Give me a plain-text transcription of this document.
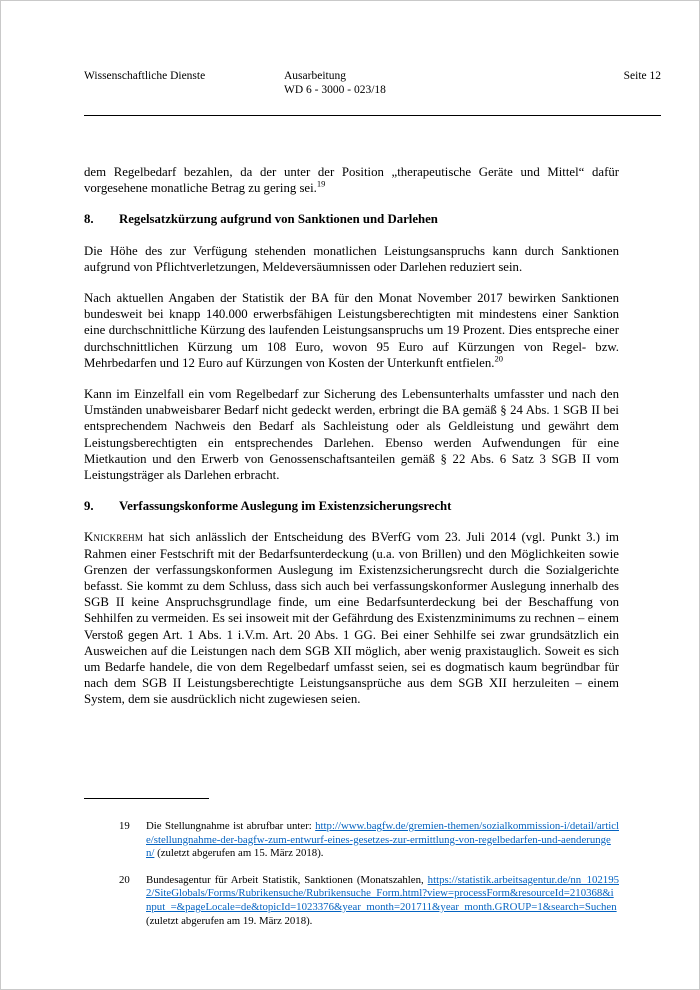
Wissenschaftliche Dienste	Ausarbeitung
WD 6 - 3000 - 023/18
Seite 12

dem Regelbedarf bezahlen, da der unter der Position „therapeutische Geräte und Mittel“ dafür vorgesehene monatliche Betrag zu gering sei.$^{19}$

8.	Regelsatzkürzung aufgrund von Sanktionen und Darlehen

Die Höhe des zur Verfügung stehenden monatlichen Leistungsanspruchs kann durch Sanktionen aufgrund von Pflichtverletzungen, Meldeversäumnissen oder Darlehen reduziert sein.

Nach aktuellen Angaben der Statistik der BA für den Monat November 2017 bewirken Sanktionen bundesweit bei knapp 140.000 erwerbsfähigen Leistungsberechtigten mit mindestens einer Sanktion eine durchschnittliche Kürzung des laufenden Leistungsanspruchs um 19 Prozent. Dies entspreche einer durchschnittlichen Kürzung um 108 Euro, wovon 95 Euro auf Kürzungen von Regel- bzw. Mehrbedarfen und 12 Euro auf Kürzungen von Kosten der Unterkunft entfielen.$^{20}$

Kann im Einzelfall ein vom Regelbedarf zur Sicherung des Lebensunterhalts umfasster und nach den Umständen unabweisbarer Bedarf nicht gedeckt werden, erbringt die BA gemäß § 24 Abs. 1 SGB II bei entsprechendem Nachweis den Bedarf als Sachleistung oder als Geldleistung und gewährt dem Leistungsberechtigten ein entsprechendes Darlehen. Ebenso werden Aufwendungen für eine Mietkaution und den Erwerb von Genossenschaftsanteilen gemäß § 22 Abs. 6 Satz 3 SGB II vom Leistungsträger als Darlehen erbracht.

9.	Verfassungskonforme Auslegung im Existenzsicherungsrecht

Knickrehm hat sich anlässlich der Entscheidung des BVerfG vom 23. Juli 2014 (vgl. Punkt 3.) im Rahmen einer Festschrift mit der Bedarfsunterdeckung (u.a. von Brillen) und den Möglichkeiten sowie Grenzen der verfassungskonformen Auslegung im Existenzsicherungsrecht durch die Sozialgerichte befasst. Sie kommt zu dem Schluss, dass sich auch bei verfassungskonformer Auslegung innerhalb des SGB II keine Anspruchsgrundlage finde, um eine Bedarfsunterdeckung bei der Beschaffung von Sehhilfen zu vermeiden. Es sei insoweit mit der Gefährdung des Existenzminimums zu rechnen – einem Verstoß gegen Art. 1 Abs. 1 i.V.m. Art. 20 Abs. 1 GG. Bei einer Sehhilfe sei zwar grundsätzlich ein Ausweichen auf die Leistungen nach dem SGB XII möglich, aber wenig praxistauglich. Soweit es sich um Bedarfe handele, die von dem Regelbedarf umfasst seien, sei es dogmatisch kaum begründbar für nach dem SGB II Leistungsberechtigte Leistungsansprüche aus dem SGB XII herzuleiten – einem System, dem sie ausdrücklich nicht zugewiesen seien.

19	Die Stellungnahme ist abrufbar unter: http://www.bagfw.de/gremien-themen/sozialkommission-i/detail/article/stellungnahme-der-bagfw-zum-entwurf-eines-gesetzes-zur-ermittlung-von-regelbedarfen-und-aenderungen/ (zuletzt abgerufen am 15. März 2018).
20	Bundesagentur für Arbeit Statistik, Sanktionen (Monatszahlen, https://statistik.arbeitsagentur.de/nn_1021952/SiteGlobals/Forms/Rubrikensuche/Rubrikensuche_Form.html?view=processForm&resourceId=210368&input_=&pageLocale=de&topicId=1023376&year_month=201711&year_month.GROUP=1&search=Suchen (zuletzt abgerufen am 19. März 2018).
